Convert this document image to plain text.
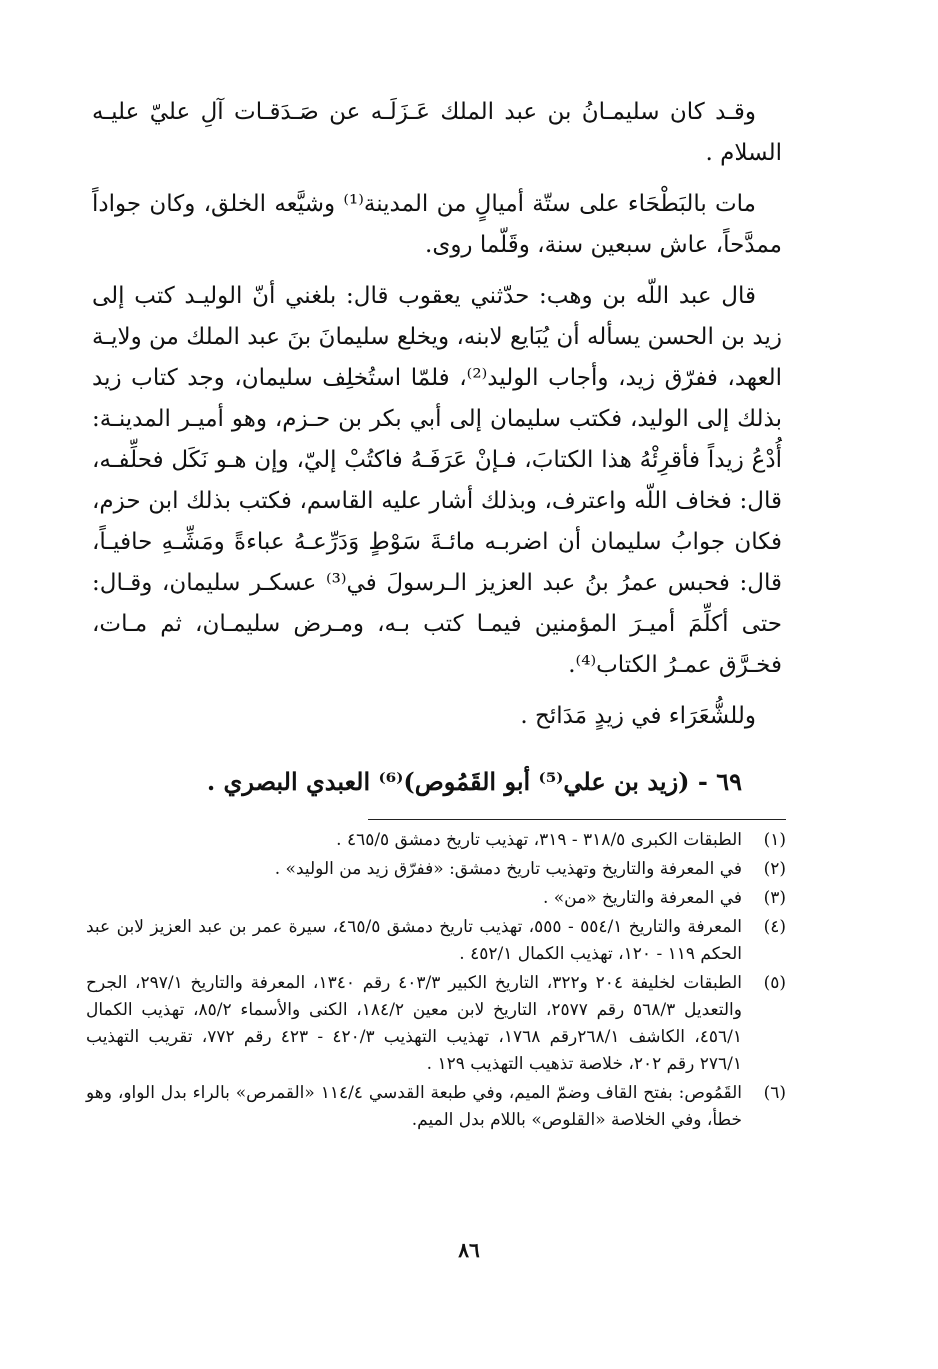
وقـد كان سليمـانُ بن عبد الملك عَـزَلَـه عن صَـدَقـات آلِ عليّ عليـه السلام .

مات بالبَطْحَاء على ستّة أميالٍ من المدينة⁽¹⁾ وشيَّعه الخلق، وكان جواداً ممدَّحاً، عاش سبعين سنة، وقَلّما روى.

قال عبد اللّه بن وهب: حدّثني يعقوب قال: بلغني أنّ الوليـد كتب إلى زيد بن الحسن يسأله أن يُبَايع لابنه، ويخلع سليمانَ بنَ عبد الملك من ولايـة العهد، ففرّق زيد، وأجاب الوليد⁽²⁾، فلمّا استُخلِف سليمان، وجد كتاب زيد بذلك إلى الوليد، فكتب سليمان إلى أبي بكر بن حـزم، وهو أميـر المدينـة: أُدْعُ زيداً فأقرِئْهُ هذا الكتابَ، فـإنْ عَرَفَـهُ فاكتُبْ إليّ، وإن هـو نَكَل فحلِّفـه، قال: فخاف اللّه واعترف، وبذلك أشار عليه القاسم، فكتب بذلك ابن حزم، فكان جوابُ سليمان أن اضربـه مائـةَ سَوْطٍ وَدَرِّعـهُ عباءةً ومَشِّـهِ حافيـاً، قال: فحبس عمرُ بنُ عبد العزيز الـرسولَ في⁽³⁾ عسكـر سليمان، وقـال: حتى أكلِّمَ أميـرَ المؤمنين فيمـا كتب بـه، ومـرض سليمـان، ثم مـات، فخـرَّق عمـرُ الكتاب⁽⁴⁾.

وللشُّعَرَاء في زيدٍ مَدَائح .

٦٩ - (زيد بن علي⁽⁵⁾ أبو القَمُوص)⁽⁶⁾ العبدي البصري .
(١)
الطبقات الكبرى ٣١٨/٥ - ٣١٩، تهذيب تاريخ دمشق ٤٦٥/٥ .
(٢)
في المعرفة والتاريخ وتهذيب تاريخ دمشق: «ففرّق زيد من الوليد» .
(٣)
في المعرفة والتاريخ «من» .
(٤)
المعرفة والتاريخ ٥٥٤/١ - ٥٥٥، تهذيب تاريخ دمشق ٤٦٥/٥، سيرة عمر بن عبد العزيز لابن عبد الحكم ١١٩ - ١٢٠، تهذيب الكمال ٤٥٢/١ .
(٥)
الطبقات لخليفة ٢٠٤ و٣٢٢، التاريخ الكبير ٤٠٣/٣ رقم ١٣٤٠، المعرفة والتاريخ ٢٩٧/١، الجرح والتعديل ٥٦٨/٣ رقم ٢٥٧٧، التاريخ لابن معين ١٨٤/٢، الكنى والأسماء ٨٥/٢، تهذيب الكمال ٤٥٦/١، الكاشف ٢٦٨/١رقم ١٧٦٨، تهذيب التهذيب ٤٢٠/٣ - ٤٢٣ رقم ٧٧٢، تقريب التهذيب ٢٧٦/١ رقم ٢٠٢، خلاصة تذهيب التهذيب ١٢٩ .
(٦)
القَمُوص: بفتح القاف وضمّ الميم، وفي طبعة القدسي ١١٤/٤ «القمرص» بالراء بدل الواو، وهو خطأ، وفي الخلاصة «القلوص» باللام بدل الميم.
٨٦
